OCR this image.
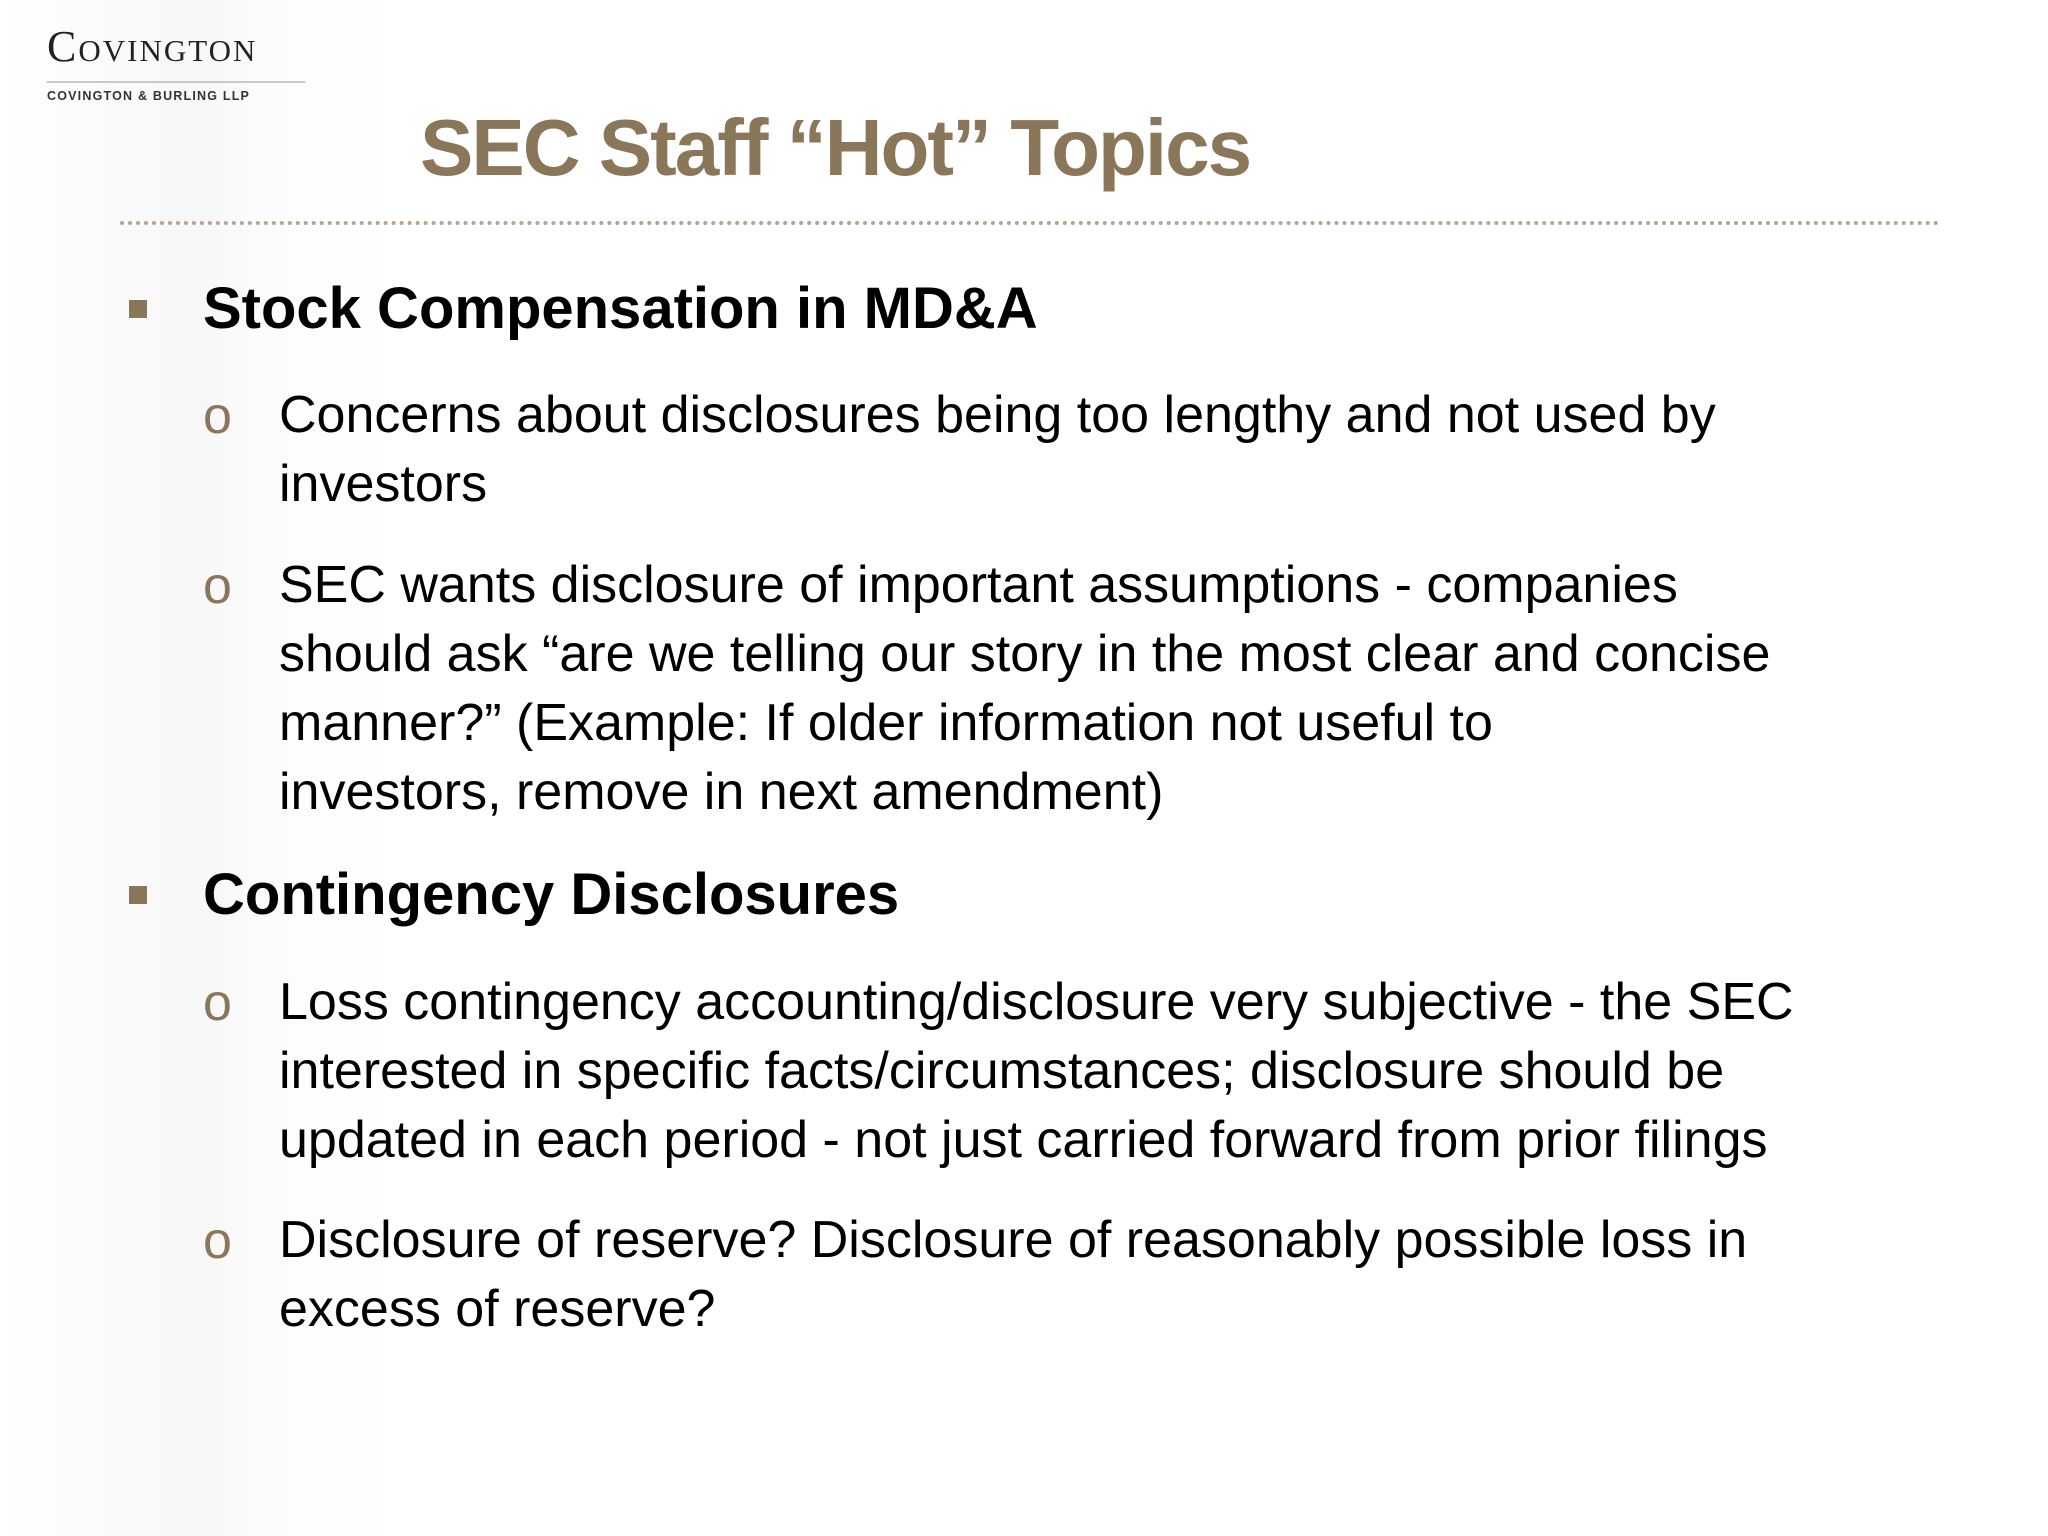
Covington
COVINGTON & BURLING LLP
SEC Staff “Hot” Topics
Stock Compensation in MD&A
o Concerns about disclosures being too lengthy and not used by
investors
o SEC wants disclosure of important assumptions - companies
should ask “are we telling our story in the most clear and concise
manner?” (Example: If older information not useful to
investors, remove in next amendment)
Contingency Disclosures
o Loss contingency accounting/disclosure very subjective - the SEC
interested in specific facts/circumstances; disclosure should be
updated in each period - not just carried forward from prior filings
o Disclosure of reserve? Disclosure of reasonably possible loss in
excess of reserve?
